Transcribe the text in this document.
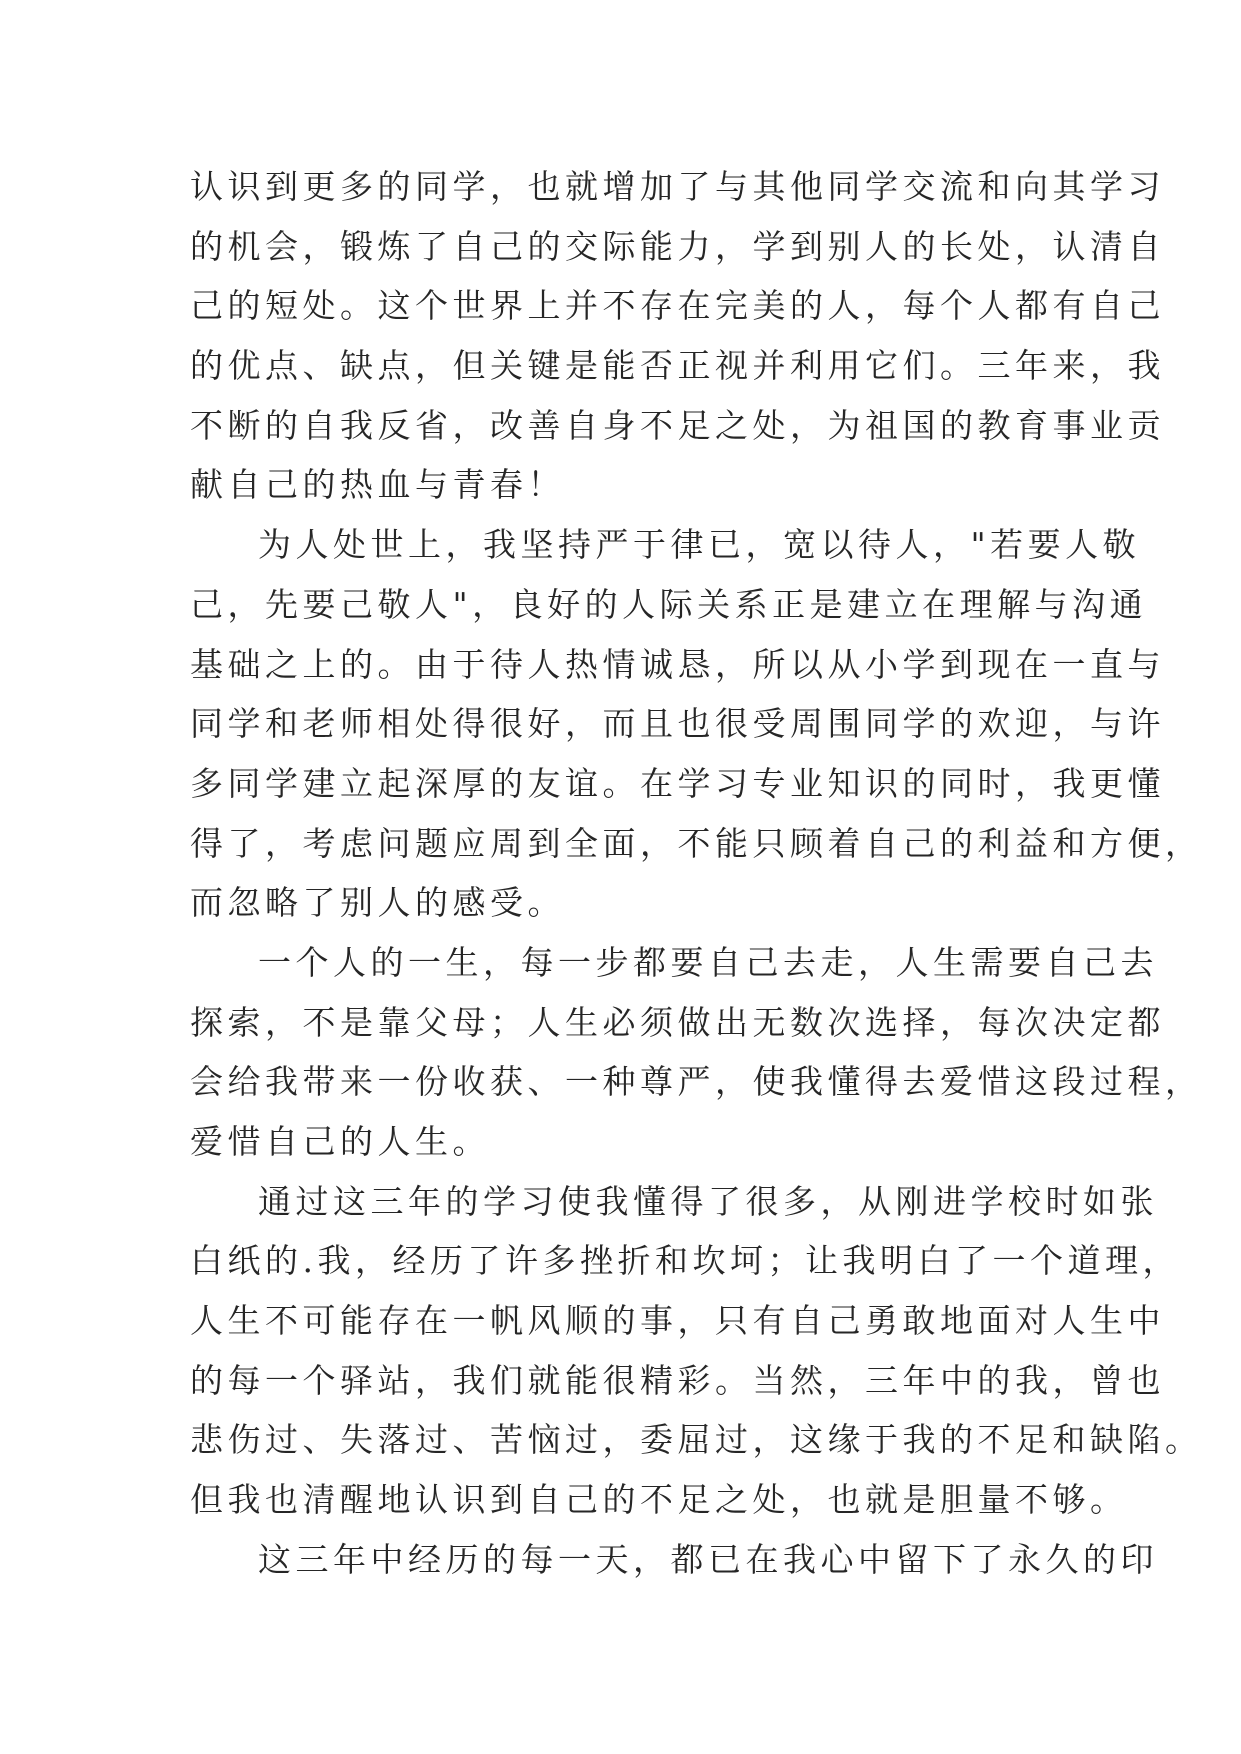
认识到更多的同学，也就增加了与其他同学交流和向其学习
的机会，锻炼了自己的交际能力，学到别人的长处，认清自
己的短处。这个世界上并不存在完美的人，每个人都有自己
的优点、缺点，但关键是能否正视并利用它们。三年来，我
不断的自我反省，改善自身不足之处，为祖国的教育事业贡
献自己的热血与青春！
为人处世上，我坚持严于律已，宽以待人，"若要人敬
己，先要己敬人"，良好的人际关系正是建立在理解与沟通
基础之上的。由于待人热情诚恳，所以从小学到现在一直与
同学和老师相处得很好，而且也很受周围同学的欢迎，与许
多同学建立起深厚的友谊。在学习专业知识的同时，我更懂
得了，考虑问题应周到全面，不能只顾着自己的利益和方便，
而忽略了别人的感受。
一个人的一生，每一步都要自己去走，人生需要自己去
探索，不是靠父母；人生必须做出无数次选择，每次决定都
会给我带来一份收获、一种尊严，使我懂得去爱惜这段过程，
爱惜自己的人生。
通过这三年的学习使我懂得了很多，从刚进学校时如张
白纸的.我，经历了许多挫折和坎坷；让我明白了一个道理，
人生不可能存在一帆风顺的事，只有自己勇敢地面对人生中
的每一个驿站，我们就能很精彩。当然，三年中的我，曾也
悲伤过、失落过、苦恼过，委屈过，这缘于我的不足和缺陷。
但我也清醒地认识到自己的不足之处，也就是胆量不够。
这三年中经历的每一天，都已在我心中留下了永久的印
